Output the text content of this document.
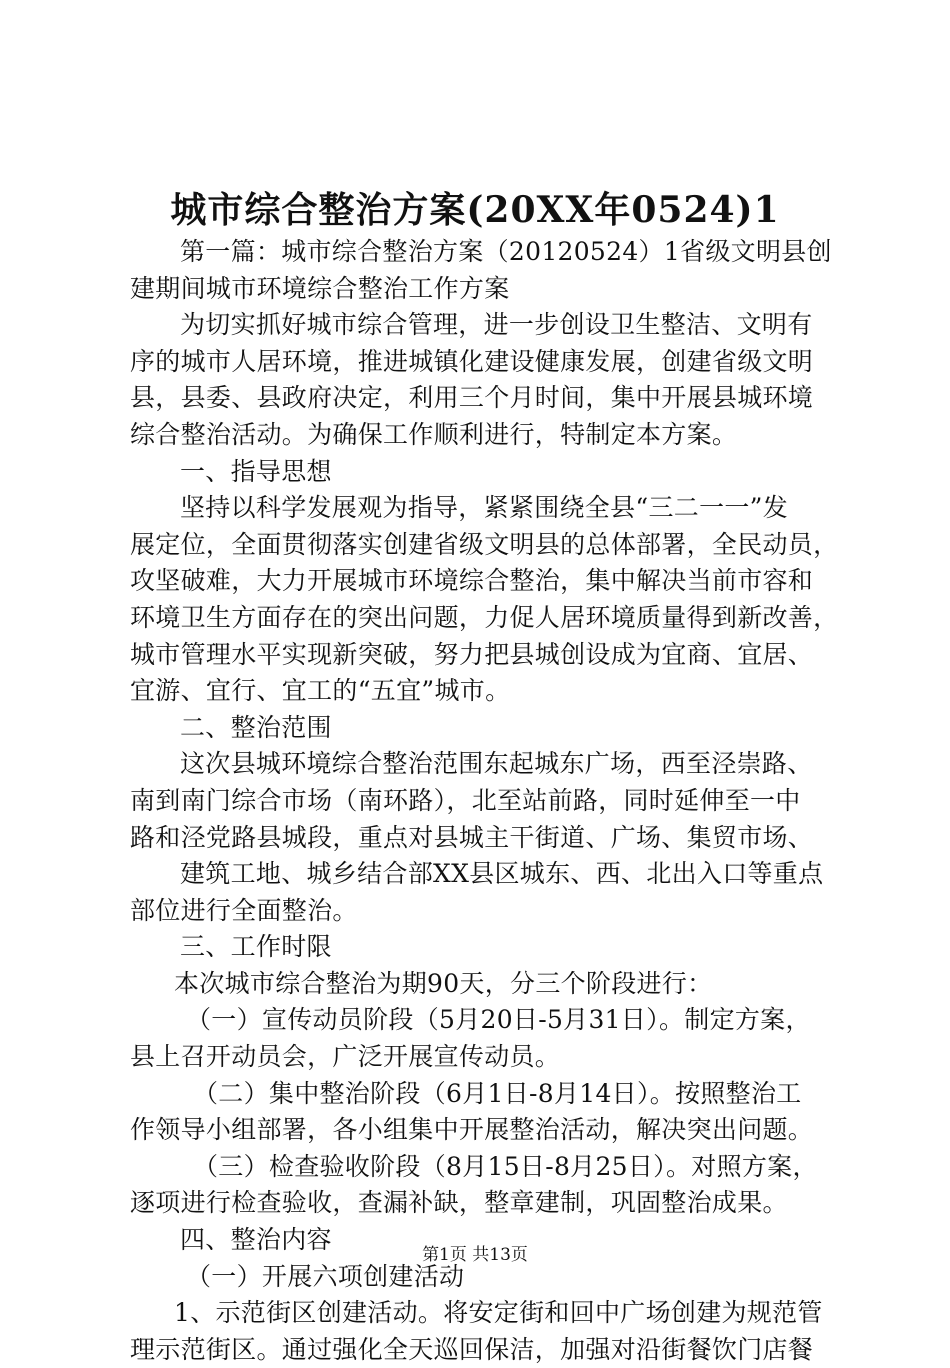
城市综合整治方案(20XX年0524)1
第一篇：城市综合整治方案（20120524）1省级文明县创
建期间城市环境综合整治工作方案
为切实抓好城市综合管理，进一步创设卫生整洁、文明有
序的城市人居环境，推进城镇化建设健康发展，创建省级文明
县，县委、县政府决定，利用三个月时间，集中开展县城环境
综合整治活动。为确保工作顺利进行，特制定本方案。
一、指导思想
坚持以科学发展观为指导，紧紧围绕全县“三二一一”发
展定位，全面贯彻落实创建省级文明县的总体部署，全民动员，
攻坚破难，大力开展城市环境综合整治，集中解决当前市容和
环境卫生方面存在的突出问题，力促人居环境质量得到新改善，
城市管理水平实现新突破，努力把县城创设成为宜商、宜居、
宜游、宜行、宜工的“五宜”城市。
二、整治范围
这次县城环境综合整治范围东起城东广场，西至泾崇路、
南到南门综合市场（南环路），北至站前路，同时延伸至一中
路和泾党路县城段，重点对县城主干街道、广场、集贸市场、
建筑工地、城乡结合部XX县区城东、西、北出入口等重点
部位进行全面整治。
三、工作时限
本次城市综合整治为期90天，分三个阶段进行：
（一）宣传动员阶段（5月20日-5月31日）。制定方案，
县上召开动员会，广泛开展宣传动员。
（二）集中整治阶段（6月1日-8月14日）。按照整治工
作领导小组部署，各小组集中开展整治活动，解决突出问题。
（三）检查验收阶段（8月15日-8月25日）。对照方案，
逐项进行检查验收，查漏补缺，整章建制，巩固整治成果。
四、整治内容
（一）开展六项创建活动
1、示范街区创建活动。将安定街和回中广场创建为规范管
理示范街区。通过强化全天巡回保洁，加强对沿街餐饮门店餐
第1页 共13页
